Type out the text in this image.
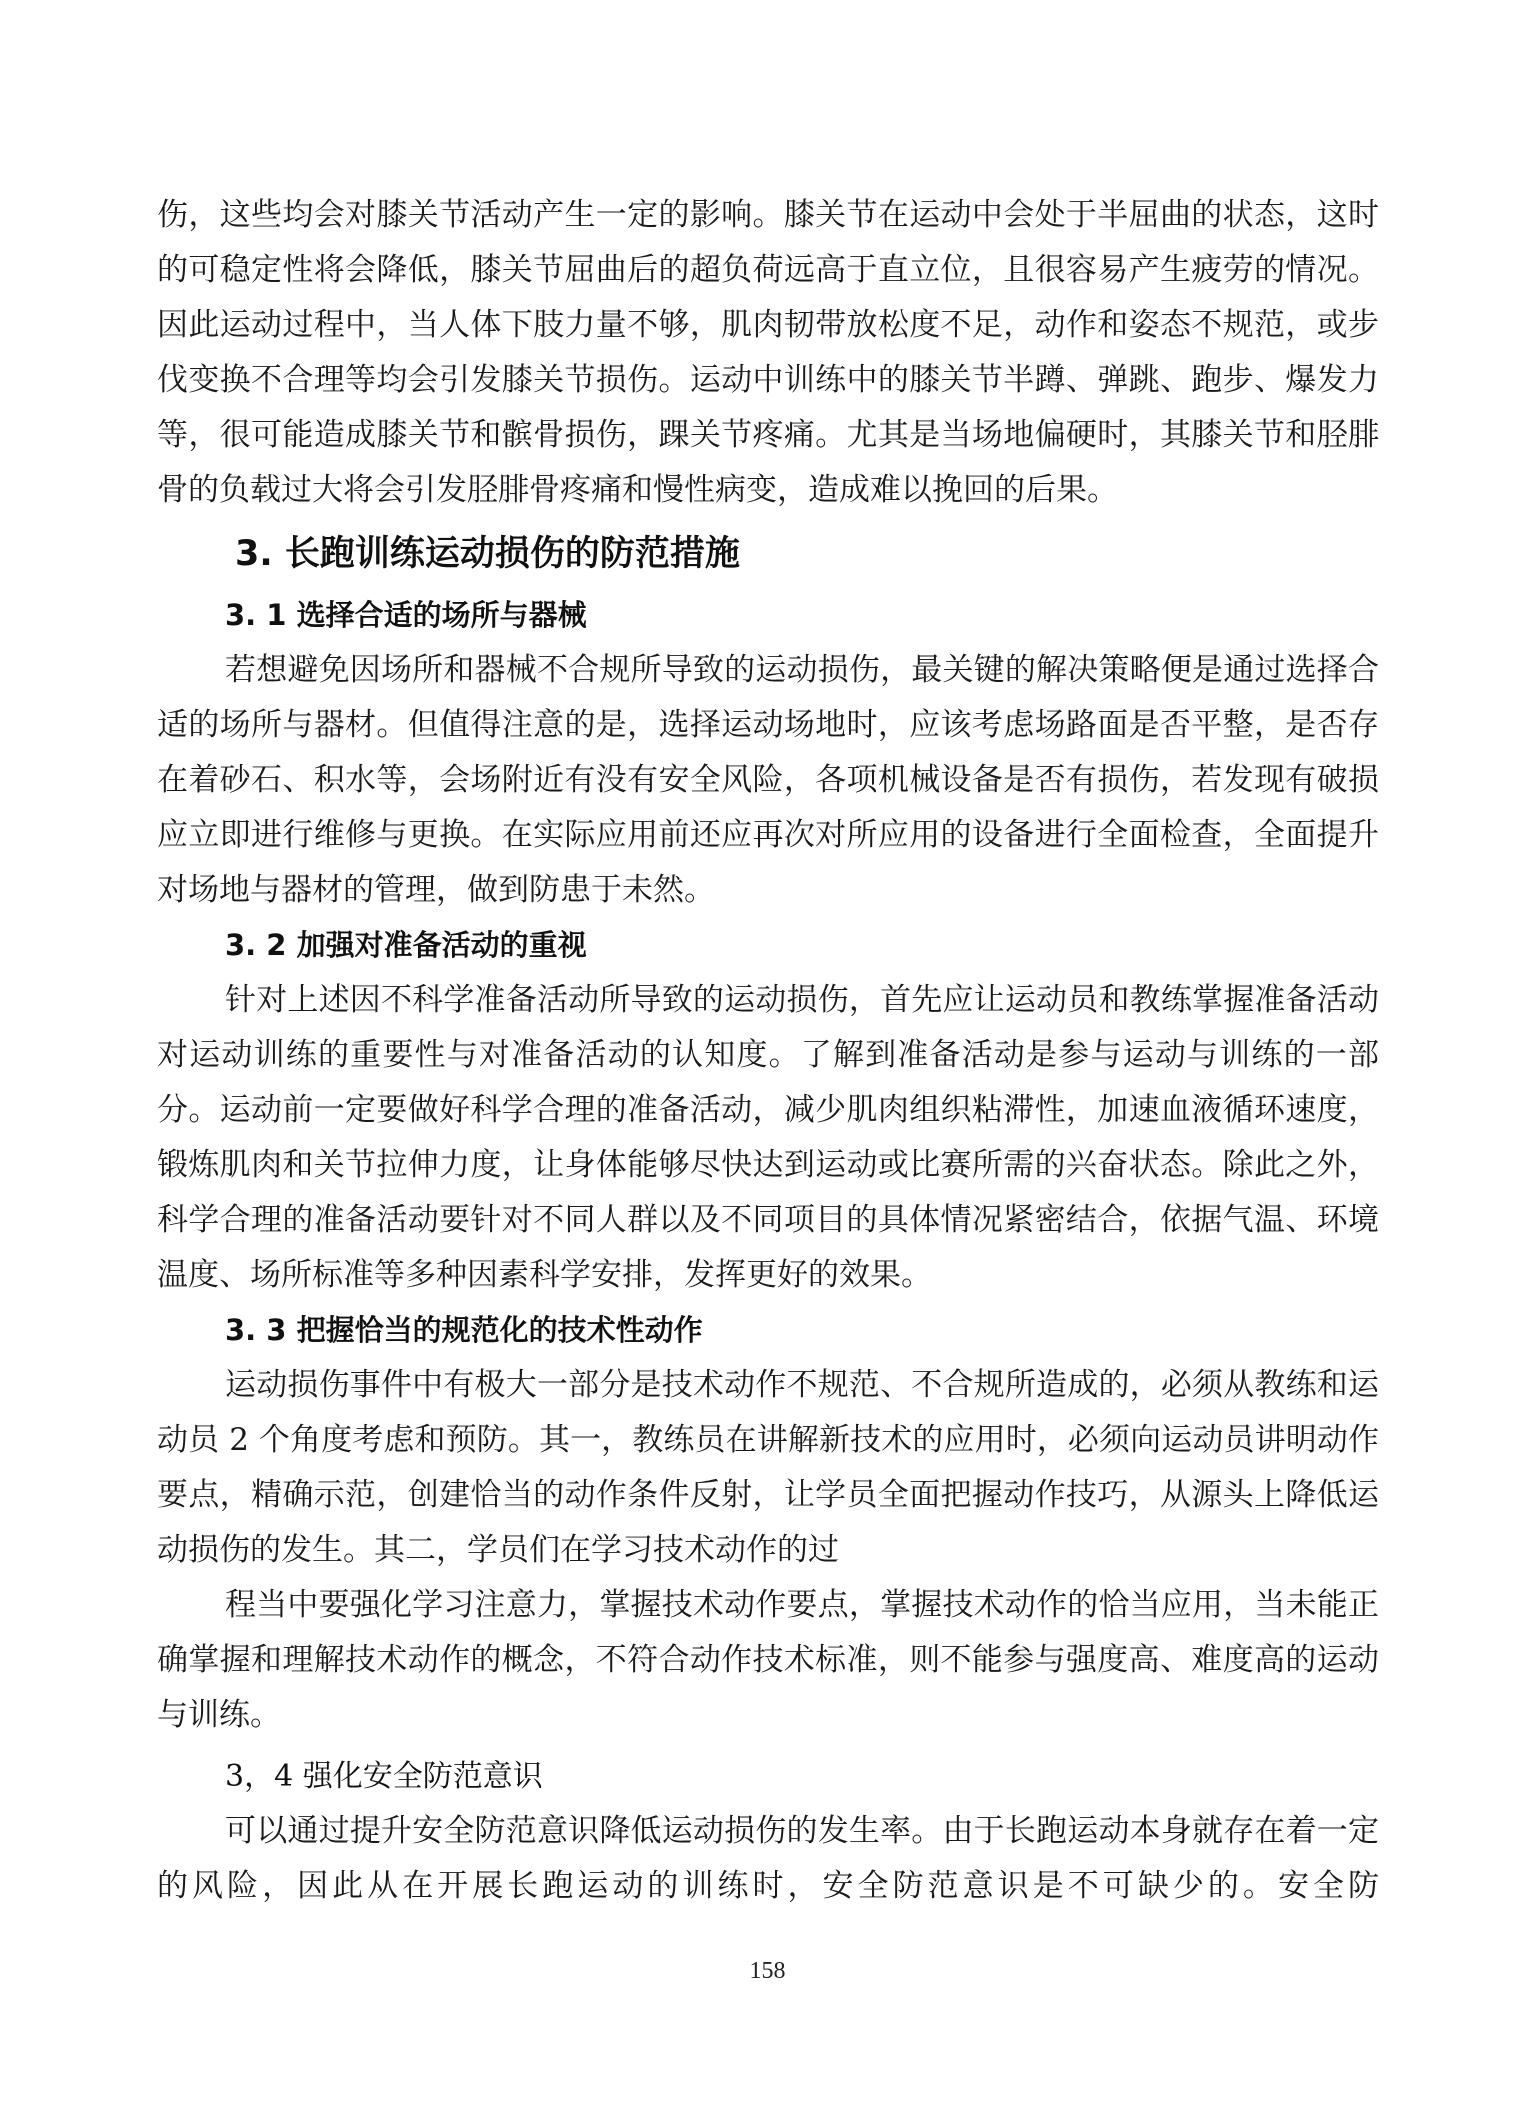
伤，这些均会对膝关节活动产生一定的影响。膝关节在运动中会处于半屈曲的状态，这时的可稳定性将会降低，膝关节屈曲后的超负荷远高于直立位，且很容易产生疲劳的情况。因此运动过程中，当人体下肢力量不够，肌肉韧带放松度不足，动作和姿态不规范，或步伐变换不合理等均会引发膝关节损伤。运动中训练中的膝关节半蹲、弹跳、跑步、爆发力等，很可能造成膝关节和髌骨损伤，踝关节疼痛。尤其是当场地偏硬时，其膝关节和胫腓骨的负载过大将会引发胫腓骨疼痛和慢性病变，造成难以挽回的后果。

3. 长跑训练运动损伤的防范措施
3. 1 选择合适的场所与器械

若想避免因场所和器械不合规所导致的运动损伤，最关键的解决策略便是通过选择合适的场所与器材。但值得注意的是，选择运动场地时，应该考虑场路面是否平整，是否存在着砂石、积水等，会场附近有没有安全风险，各项机械设备是否有损伤，若发现有破损应立即进行维修与更换。在实际应用前还应再次对所应用的设备进行全面检查，全面提升对场地与器材的管理，做到防患于未然。

3. 2 加强对准备活动的重视

针对上述因不科学准备活动所导致的运动损伤，首先应让运动员和教练掌握准备活动对运动训练的重要性与对准备活动的认知度。了解到准备活动是参与运动与训练的一部分。运动前一定要做好科学合理的准备活动，减少肌肉组织粘滞性，加速血液循环速度，锻炼肌肉和关节拉伸力度，让身体能够尽快达到运动或比赛所需的兴奋状态。除此之外，科学合理的准备活动要针对不同人群以及不同项目的具体情况紧密结合，依据气温、环境温度、场所标准等多种因素科学安排，发挥更好的效果。

3. 3 把握恰当的规范化的技术性动作

运动损伤事件中有极大一部分是技术动作不规范、不合规所造成的，必须从教练和运动员 2 个角度考虑和预防。其一，教练员在讲解新技术的应用时，必须向运动员讲明动作要点，精确示范，创建恰当的动作条件反射，让学员全面把握动作技巧，从源头上降低运动损伤的发生。其二，学员们在学习技术动作的过

程当中要强化学习注意力，掌握技术动作要点，掌握技术动作的恰当应用，当未能正确掌握和理解技术动作的概念，不符合动作技术标准，则不能参与强度高、难度高的运动与训练。

3，4 强化安全防范意识

可以通过提升安全防范意识降低运动损伤的发生率。由于长跑运动本身就存在着一定的风险，因此从在开展长跑运动的训练时，安全防范意识是不可缺少的。安全防

158
